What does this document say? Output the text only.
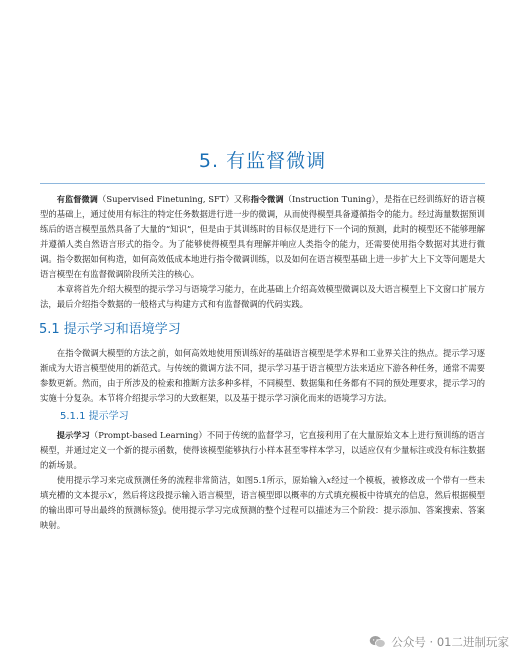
5. 有监督微调

有监督微调（Supervised Finetuning, SFT）又称指令微调（Instruction Tuning），是指在已经训练好的语言模型的基础上，通过使用有标注的特定任务数据进行进一步的微调，从而使得模型具备遵循指令的能力。经过海量数据预训练后的语言模型虽然具备了大量的“知识”，但是由于其训练时的目标仅是进行下一个词的预测，此时的模型还不能够理解并遵循人类自然语言形式的指令。为了能够使得模型具有理解并响应人类指令的能力，还需要使用指令数据对其进行微调。指令数据如何构造，如何高效低成本地进行指令微调训练，以及如何在语言模型基础上进一步扩大上下文等问题是大语言模型在有监督微调阶段所关注的核心。

本章将首先介绍大模型的提示学习与语境学习能力，在此基础上介绍高效模型微调以及大语言模型上下文窗口扩展方法，最后介绍指令数据的一般格式与构建方式和有监督微调的代码实践。

5.1 提示学习和语境学习

在指令微调大模型的方法之前，如何高效地使用预训练好的基础语言模型是学术界和工业界关注的热点。提示学习逐渐成为大语言模型使用的新范式。与传统的微调方法不同，提示学习基于语言模型方法来适应下游各种任务，通常不需要参数更新。然而，由于所涉及的检索和推断方法多种多样，不同模型、数据集和任务都有不同的预处理要求，提示学习的实施十分复杂。本节将介绍提示学习的大致框架，以及基于提示学习演化而来的语境学习方法。

5.1.1 提示学习

提示学习（Prompt-based Learning）不同于传统的监督学习，它直接利用了在大量原始文本上进行预训练的语言模型，并通过定义一个新的提示函数，使得该模型能够执行小样本甚至零样本学习，以适应仅有少量标注或没有标注数据的新场景。

使用提示学习来完成预测任务的流程非常简洁，如图5.1所示，原始输入x经过一个模板，被修改成一个带有一些未填充槽的文本提示x′，然后将这段提示输入语言模型，语言模型即以概率的方式填充模板中待填充的信息，然后根据模型的输出即可导出最终的预测标签ŷ。使用提示学习完成预测的整个过程可以描述为三个阶段：提示添加、答案搜索、答案映射。

公众号 · 01二进制玩家
